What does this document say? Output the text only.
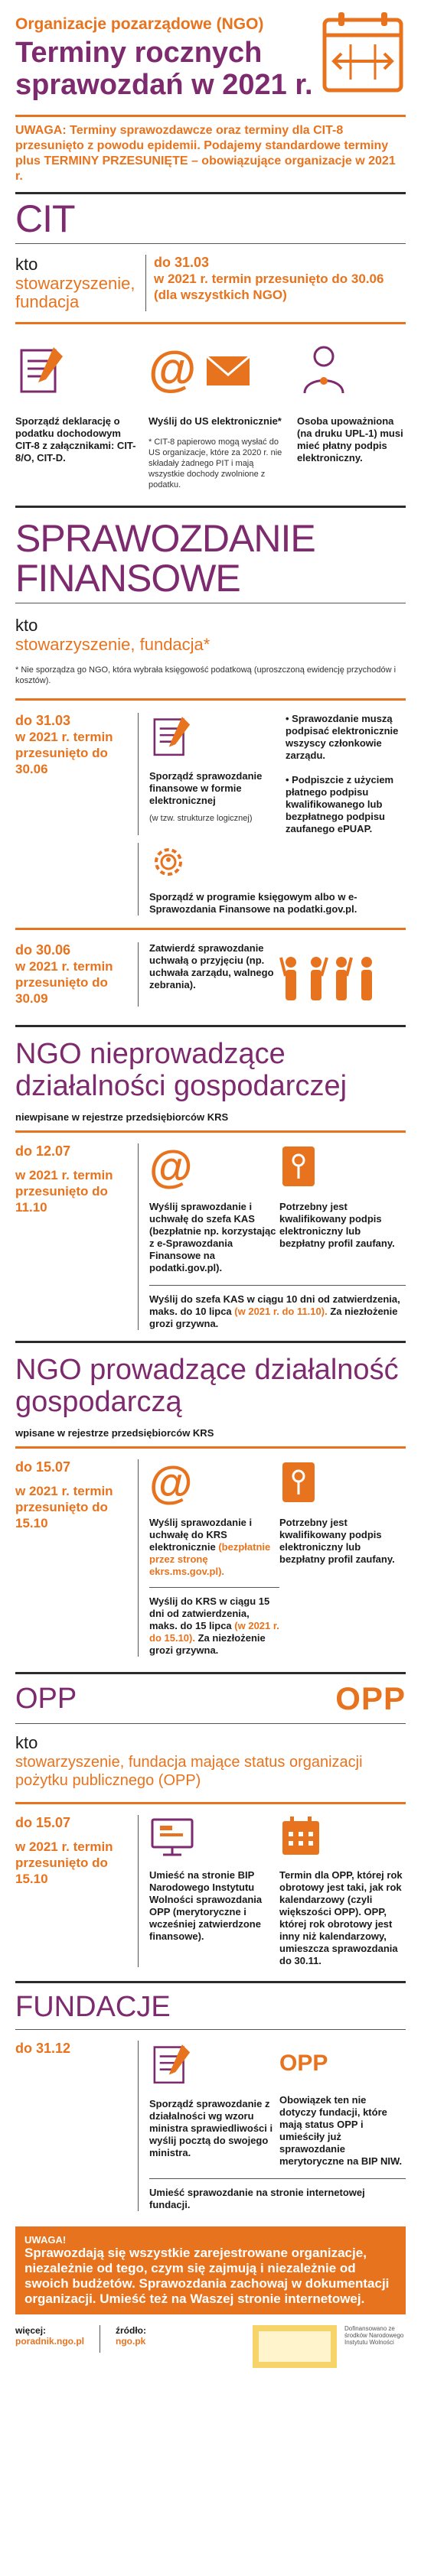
Organizacje pozarządowe (NGO)
Terminy rocznych sprawozdań w 2021 r.
UWAGA: Terminy sprawozdawcze oraz terminy dla CIT-8 przesunięto z powodu epidemii. Podajemy standardowe terminy plus TERMINY PRZESUNIĘTE – obowiązujące organizacje w 2021 r.
CIT
kto
stowarzyszenie, fundacja
do 31.03
w 2021 r. termin przesunięto do 30.06 (dla wszystkich NGO)
Sporządź deklarację o podatku dochodowym CIT-8 z załącznikami: CIT-8/O, CIT-D.
@
Wyślij do US elektronicznie*
* CIT-8 papierowo mogą wysłać do US organizacje, które za 2020 r. nie składały żadnego PIT i mają wszystkie dochody zwolnione z podatku.
Osoba upoważniona (na druku UPL-1) musi mieć płatny podpis elektroniczny.
SPRAWOZDANIE FINANSOWE
kto
stowarzyszenie, fundacja*
* Nie sporządza go NGO, która wybrała księgowość podatkową (uproszczoną ewidencję przychodów i kosztów).
do 31.03
w 2021 r. termin przesunięto do 30.06	Sporządź sprawozdanie finansowe w formie elektronicznej
(w tzw. strukturze logicznej)
• Sprawozdanie muszą podpisać elektronicznie wszyscy członkowie zarządu.
• Podpiszcie z użyciem płatnego podpisu kwalifikowanego lub bezpłatnego podpisu zaufanego ePUAP.
Sporządź w programie księgowym albo w e-Sprawozdania Finansowe na podatki.gov.pl.
do 30.06
w 2021 r. termin przesunięto do 30.09
Zatwierdź sprawozdanie uchwałą o przyjęciu (np. uchwała zarządu, walnego zebrania).
NGO nieprowadzące działalności gospodarczej
niewpisane w rejestrze przedsiębiorców KRS
do 12.07
w 2021 r. termin przesunięto do 11.10
@
Wyślij sprawozdanie i uchwałę do szefa KAS (bezpłatnie np. korzystając z e-Sprawozdania Finansowe na podatki.gov.pl).
Potrzebny jest kwalifikowany podpis elektroniczny lub bezpłatny profil zaufany.
Wyślij do szefa KAS w ciągu 10 dni od zatwierdzenia, maks. do 10 lipca (w 2021 r. do 11.10). Za niezłożenie grozi grzywna.
NGO prowadzące działalność gospodarczą
wpisane w rejestrze przedsiębiorców KRS
do 15.07
w 2021 r. termin przesunięto do 15.10
@
Wyślij sprawozdanie i uchwałę do KRS elektronicznie (bezpłatnie przez stronę ekrs.ms.gov.pl).
Wyślij do KRS w ciągu 15 dni od zatwierdzenia, maks. do 15 lipca (w 2021 r. do 15.10). Za niezłożenie grozi grzywna.
Potrzebny jest kwalifikowany podpis elektroniczny lub bezpłatny profil zaufany.
OPP	OPP
kto
stowarzyszenie, fundacja mające status organizacji pożytku publicznego (OPP)
do 15.07
w 2021 r. termin przesunięto do 15.10	Umieść na stronie BIP Narodowego Instytutu Wolności sprawozdania OPP (merytoryczne i wcześniej zatwierdzone finansowe).
Termin dla OPP, której rok obrotowy jest taki, jak rok kalendarzowy (czyli większości OPP). OPP, której rok obrotowy jest inny niż kalendarzowy, umieszcza sprawozdania do 30.11.
FUNDACJE
do 31.12
Sporządź sprawozdanie z działalności wg wzoru ministra sprawiedliwości i wyślij pocztą do swojego ministra.
OPP
Obowiązek ten nie dotyczy fundacji, które mają status OPP i umieściły już sprawozdanie merytoryczne na BIP NIW.
Umieść sprawozdanie na stronie internetowej fundacji.
UWAGA!
Sprawozdają się wszystkie zarejestrowane organizacje, niezależnie od tego, czym się zajmują i niezależnie od swoich budżetów. Sprawozdania zachowaj w dokumentacji organizacji. Umieść też na Waszej stronie internetowej.
więcej:
poradnik.ngo.pl
źródło:
ngo.pk
Dofinansowano ze środków Narodowego Instytutu Wolności
